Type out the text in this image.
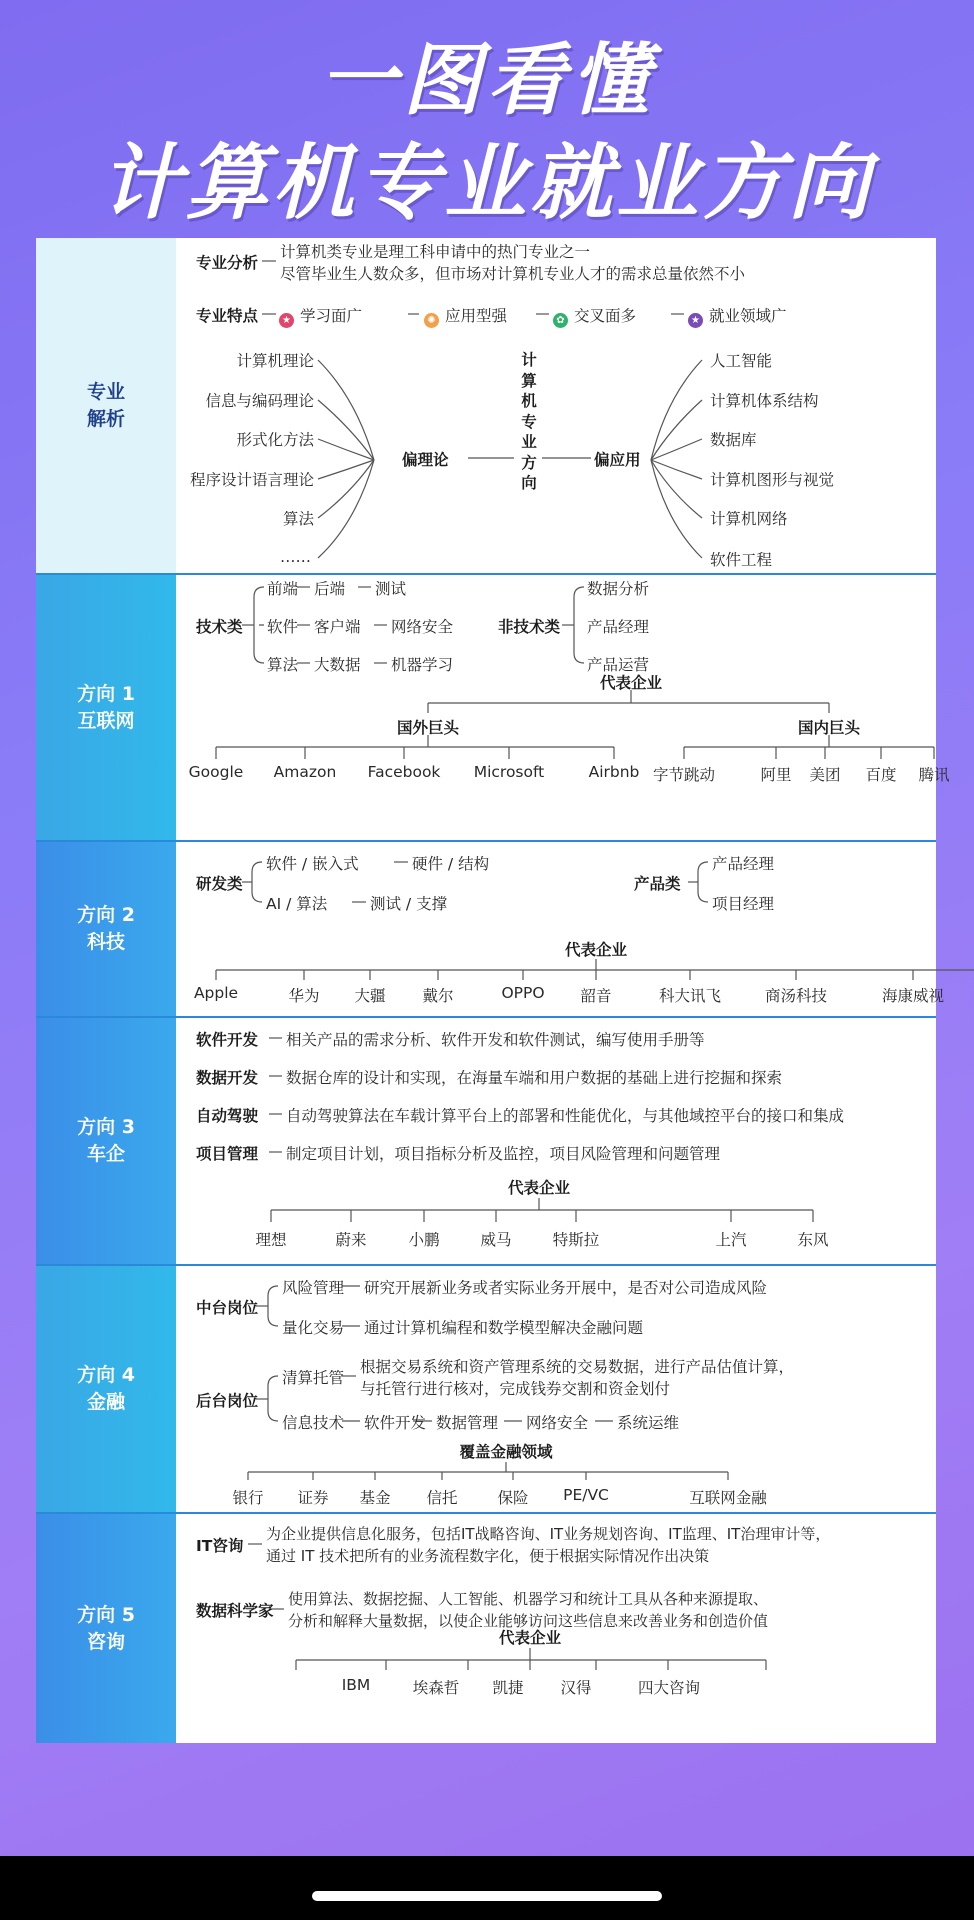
一图看懂
计算机专业就业方向
专业
解析
专业分析
计算机类专业是理工科申请中的热门专业之一
尽管毕业生人数众多，但市场对计算机专业人才的需求总量依然不小
专业特点	★ 学习面广	✺ 应用型强	✿ 交叉面多	★ 就业领域广
计算机理论
信息与编码理论
形式化方法
程序设计语言理论
算法
……
偏理论
计
算
机
专
业
方
向
偏应用
人工智能
计算机体系结构
数据库
计算机图形与视觉
计算机网络
软件工程
方向 1
互联网
技术类
前端 后端 测试
软件 客户端 网络安全
算法 大数据 机器学习
非技术类
数据分析
产品经理
产品运营
代表企业
国外巨头	国内巨头
Google	Amazon	Facebook	Microsoft	Airbnb 字节跳动	阿里	美团	百度	腾讯
方向 2
科技
研发类
软件 / 嵌入式	硬件 / 结构
AI / 算法	测试 / 支撑
产品类
产品经理
项目经理
代表企业
Apple	华为	大疆	戴尔	OPPO	韶音	科大讯飞	商汤科技	海康威视
方向 3
车企
软件开发 相关产品的需求分析、软件开发和软件测试，编写使用手册等
数据开发 数据仓库的设计和实现，在海量车端和用户数据的基础上进行挖掘和探索
自动驾驶 自动驾驶算法在车载计算平台上的部署和性能优化，与其他域控平台的接口和集成
项目管理 制定项目计划，项目指标分析及监控，项目风险管理和问题管理
代表企业
理想	蔚来	小鹏	威马	特斯拉	上汽	东风
方向 4
金融
中台岗位
风险管理 研究开展新业务或者实际业务开展中，是否对公司造成风险
量化交易 通过计算机编程和数学模型解决金融问题
后台岗位
清算托管
根据交易系统和资产管理系统的交易数据，进行产品估值计算，
与托管行进行核对，完成钱券交割和资金划付
信息技术 软件开发 数据管理 网络安全 系统运维
覆盖金融领域
银行	证券	基金	信托	保险	PE/VC	互联网金融
方向 5
咨询
IT咨询
为企业提供信息化服务，包括IT战略咨询、IT业务规划咨询、IT监理、IT治理审计等，
通过 IT 技术把所有的业务流程数字化，便于根据实际情况作出决策
数据科学家
使用算法、数据挖掘、人工智能、机器学习和统计工具从各种来源提取、
分析和解释大量数据，以使企业能够访问这些信息来改善业务和创造价值
代表企业
IBM	埃森哲	凯捷	汉得	四大咨询
